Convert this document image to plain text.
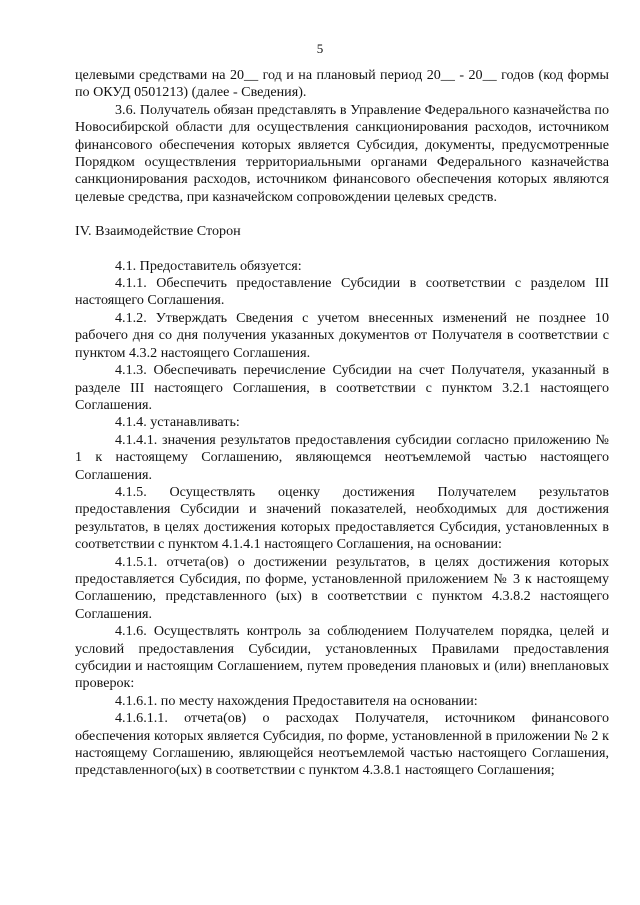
5

целевыми средствами на 20__ год и на плановый период 20__ - 20__ годов (код формы по ОКУД 0501213) (далее - Сведения).

3.6. Получатель обязан представлять в Управление Федерального казначейства по Новосибирской области для осуществления санкционирования расходов, источником финансового обеспечения которых является Субсидия, документы, предусмотренные Порядком осуществления территориальными органами Федерального казначейства санкционирования расходов, источником финансового обеспечения которых являются целевые средства, при казначейском сопровождении целевых средств.

IV. Взаимодействие Сторон

4.1. Предоставитель обязуется:

4.1.1. Обеспечить предоставление Субсидии в соответствии с разделом III настоящего Соглашения.

4.1.2. Утверждать Сведения с учетом внесенных изменений не позднее 10 рабочего дня со дня получения указанных документов от Получателя в соответствии с пунктом 4.3.2 настоящего Соглашения.

4.1.3. Обеспечивать перечисление Субсидии на счет Получателя, указанный в разделе III настоящего Соглашения, в соответствии с пунктом 3.2.1 настоящего Соглашения.

4.1.4. устанавливать:

4.1.4.1. значения результатов предоставления субсидии согласно приложению № 1 к настоящему Соглашению, являющемся неотъемлемой частью настоящего Соглашения.

4.1.5. Осуществлять оценку достижения Получателем результатов предоставления Субсидии и значений показателей, необходимых для достижения результатов, в целях достижения которых предоставляется Субсидия, установленных в соответствии с пунктом 4.1.4.1 настоящего Соглашения, на основании:

4.1.5.1. отчета(ов) о достижении результатов, в целях достижения которых предоставляется Субсидия, по форме, установленной приложением № 3 к настоящему Соглашению, представленного (ых) в соответствии с пунктом 4.3.8.2 настоящего Соглашения.

4.1.6. Осуществлять контроль за соблюдением Получателем порядка, целей и условий предоставления Субсидии, установленных Правилами предоставления субсидии и настоящим Соглашением, путем проведения плановых и (или) внеплановых проверок:

4.1.6.1. по месту нахождения Предоставителя на основании:

4.1.6.1.1. отчета(ов) о расходах Получателя, источником финансового обеспечения которых является Субсидия, по форме, установленной в приложении № 2 к настоящему Соглашению, являющейся неотъемлемой частью настоящего Соглашения, представленного(ых) в соответствии с пунктом 4.3.8.1 настоящего Соглашения;
